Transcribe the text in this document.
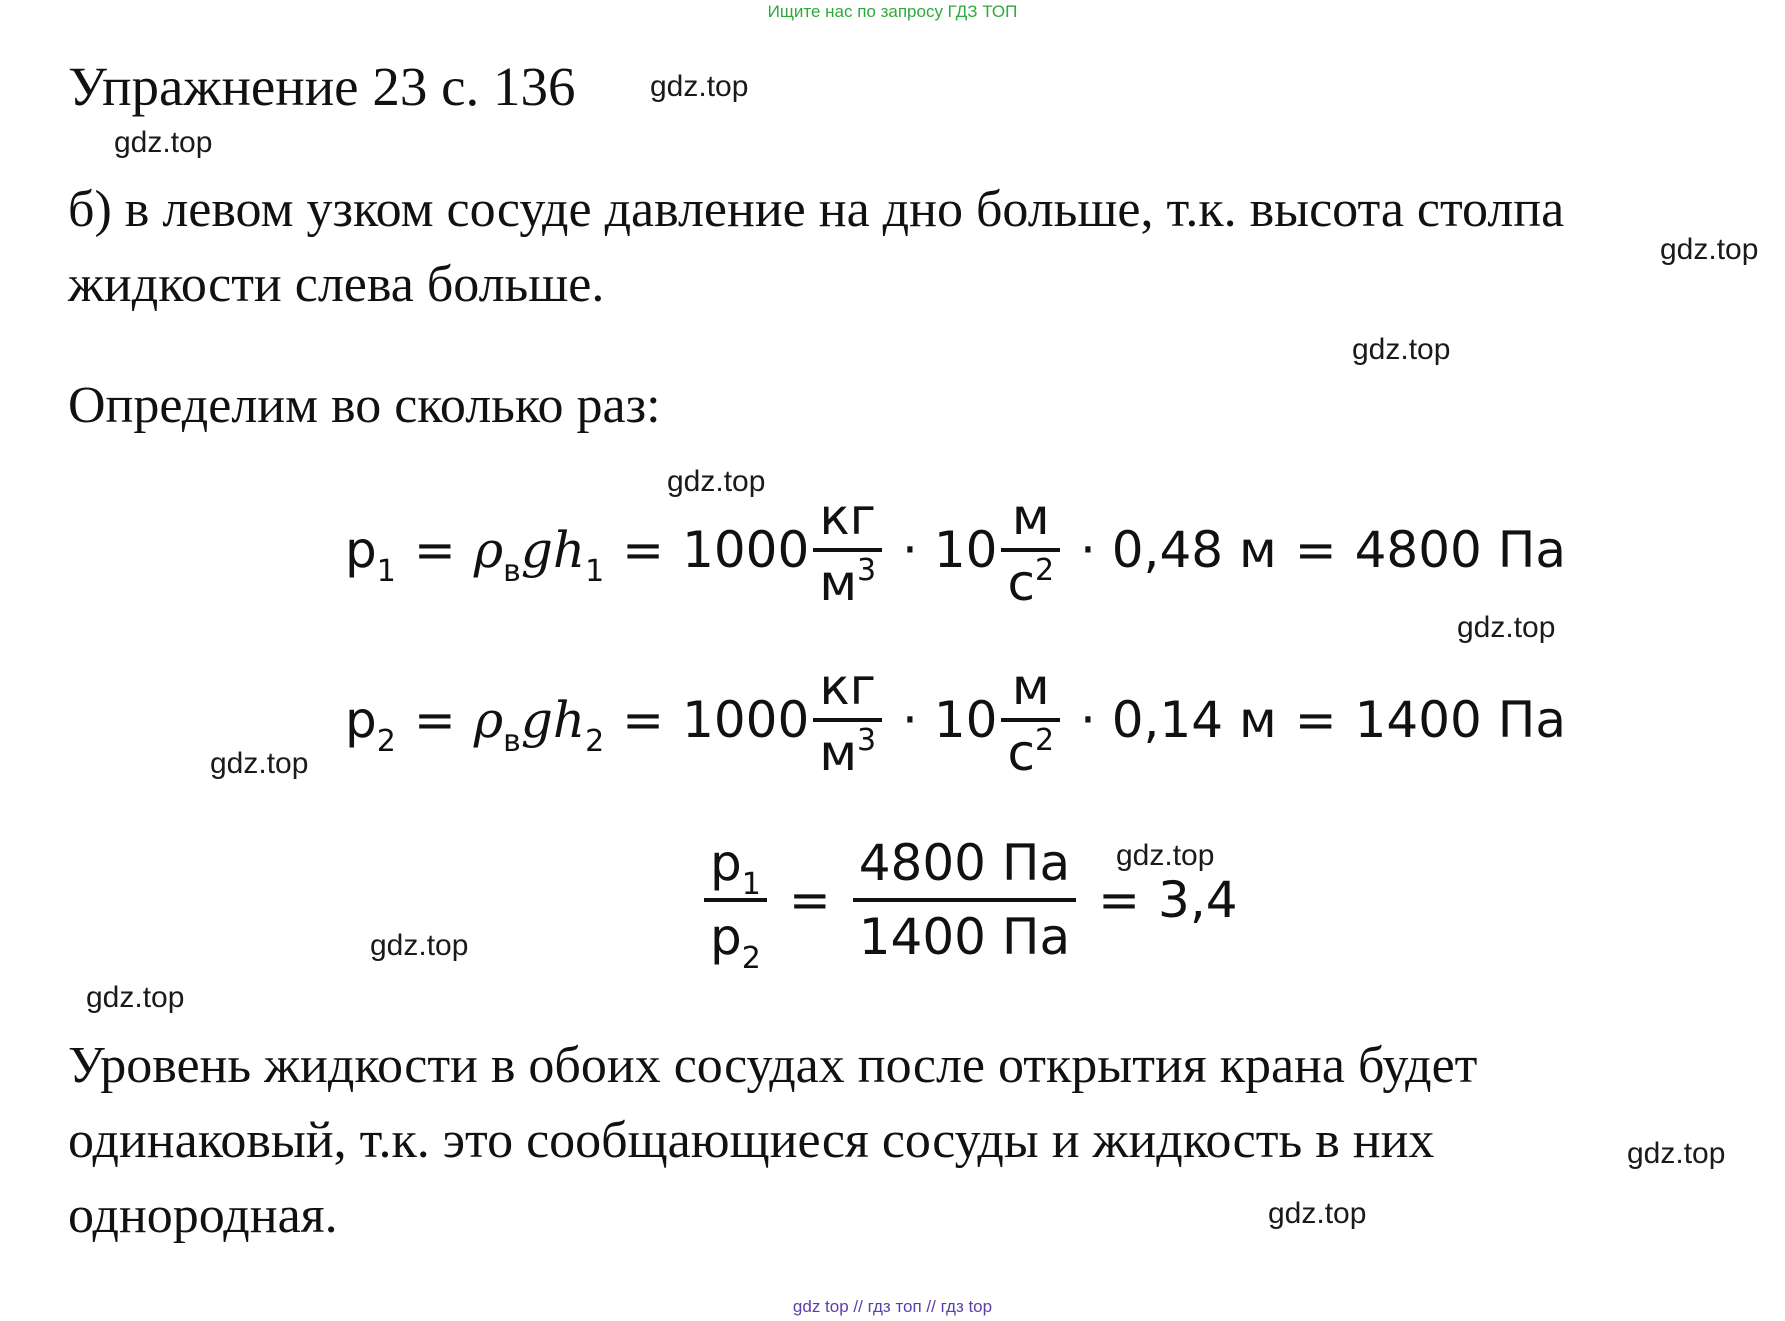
Ищите нас по запросу ГДЗ ТОП
Упражнение 23 с. 136
б) в левом узком сосуде давление на дно больше, т.к. высота столпа
жидкости слева больше.
Определим во сколько раз:
$p_1 = \rho_вgh_1 = 1000 \frac{кг}{м^3} \cdot 10 \frac{м}{с^2} \cdot 0,48$ м = 4800 Па
$p_2 = \rho_вgh_2 = 1000 \frac{кг}{м^3} \cdot 10 \frac{м}{с^2} \cdot 0,14$ м = 1400 Па
$\frac{p_1}{p_2} = \frac{4800 Па}{1400 Па} = 3,4$
Уровень жидкости в обоих сосудах после открытия крана будет
одинаковый, т.к. это сообщающиеся сосуды и жидкость в них
однородная.
gdz.top
gdz.top
gdz.top
gdz.top
gdz.top
gdz.top
gdz.top
gdz.top
gdz.top
gdz.top
gdz.top
gdz.top
gdz top // гдз топ // гдз top
